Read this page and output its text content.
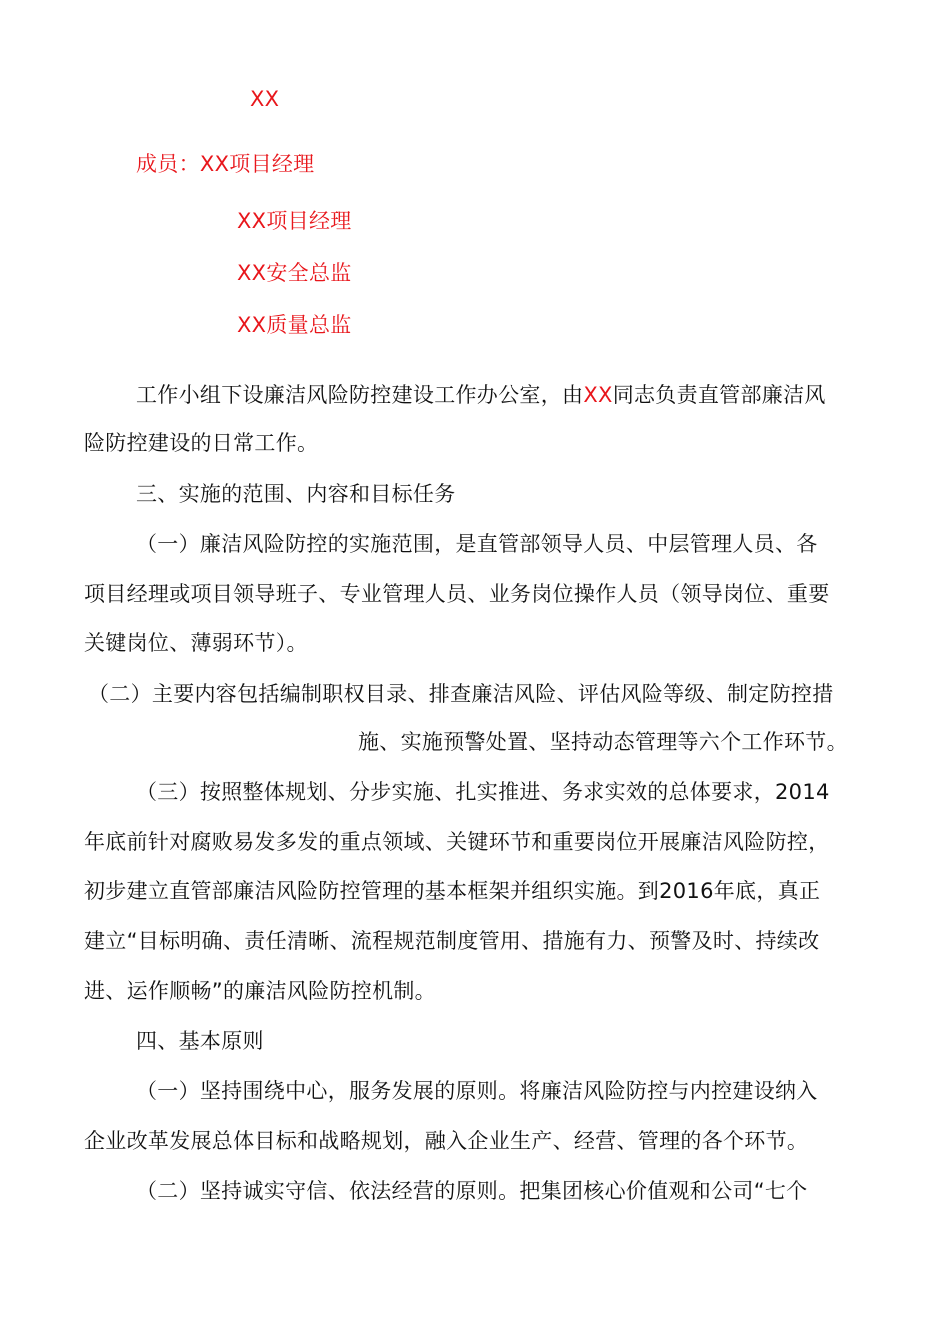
XX
成员：XX项目经理
XX项目经理
XX安全总监
XX质量总监
工作小组下设廉洁风险防控建设工作办公室，由XX同志负责直管部廉洁风
险防控建设的日常工作。
三、实施的范围、内容和目标任务
（一）廉洁风险防控的实施范围，是直管部领导人员、中层管理人员、各
项目经理或项目领导班子、专业管理人员、业务岗位操作人员（领导岗位、重要
关键岗位、薄弱环节）。
（二）主要内容包括编制职权目录、排查廉洁风险、评估风险等级、制定防控措
施、实施预警处置、坚持动态管理等六个工作环节。
（三）按照整体规划、分步实施、扎实推进、务求实效的总体要求，2014
年底前针对腐败易发多发的重点领域、关键环节和重要岗位开展廉洁风险防控，
初步建立直管部廉洁风险防控管理的基本框架并组织实施。到2016年底，真正
建立“目标明确、责任清晰、流程规范制度管用、措施有力、预警及时、持续改
进、运作顺畅”的廉洁风险防控机制。
四、基本原则
（一）坚持围绕中心，服务发展的原则。将廉洁风险防控与内控建设纳入
企业改革发展总体目标和战略规划，融入企业生产、经营、管理的各个环节。
（二）坚持诚实守信、依法经营的原则。把集团核心价值观和公司“七个
